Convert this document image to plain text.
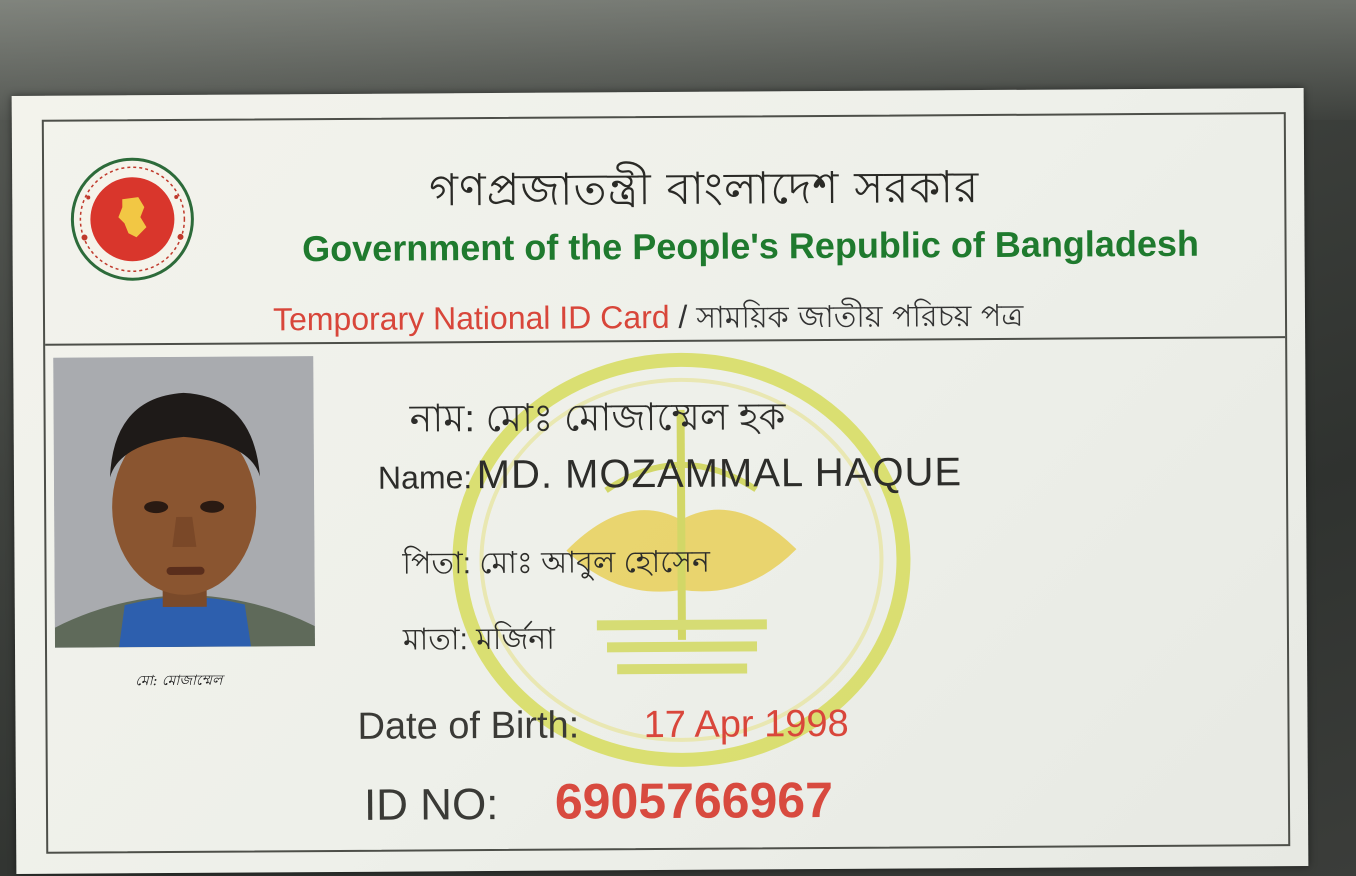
গণপ্রজাতন্ত্রী বাংলাদেশ সরকার
Government of the People's Republic of Bangladesh
Temporary National ID Card / সাময়িক জাতীয় পরিচয় পত্র
মো: মোজাম্মেল
নাম: মোঃ মোজাম্মেল হক
Name: MD. MOZAMMAL HAQUE
পিতা: মোঃ আবুল হোসেন
মাতা: মর্জিনা
Date of Birth: 17 Apr 1998
ID NO: 6905766967
